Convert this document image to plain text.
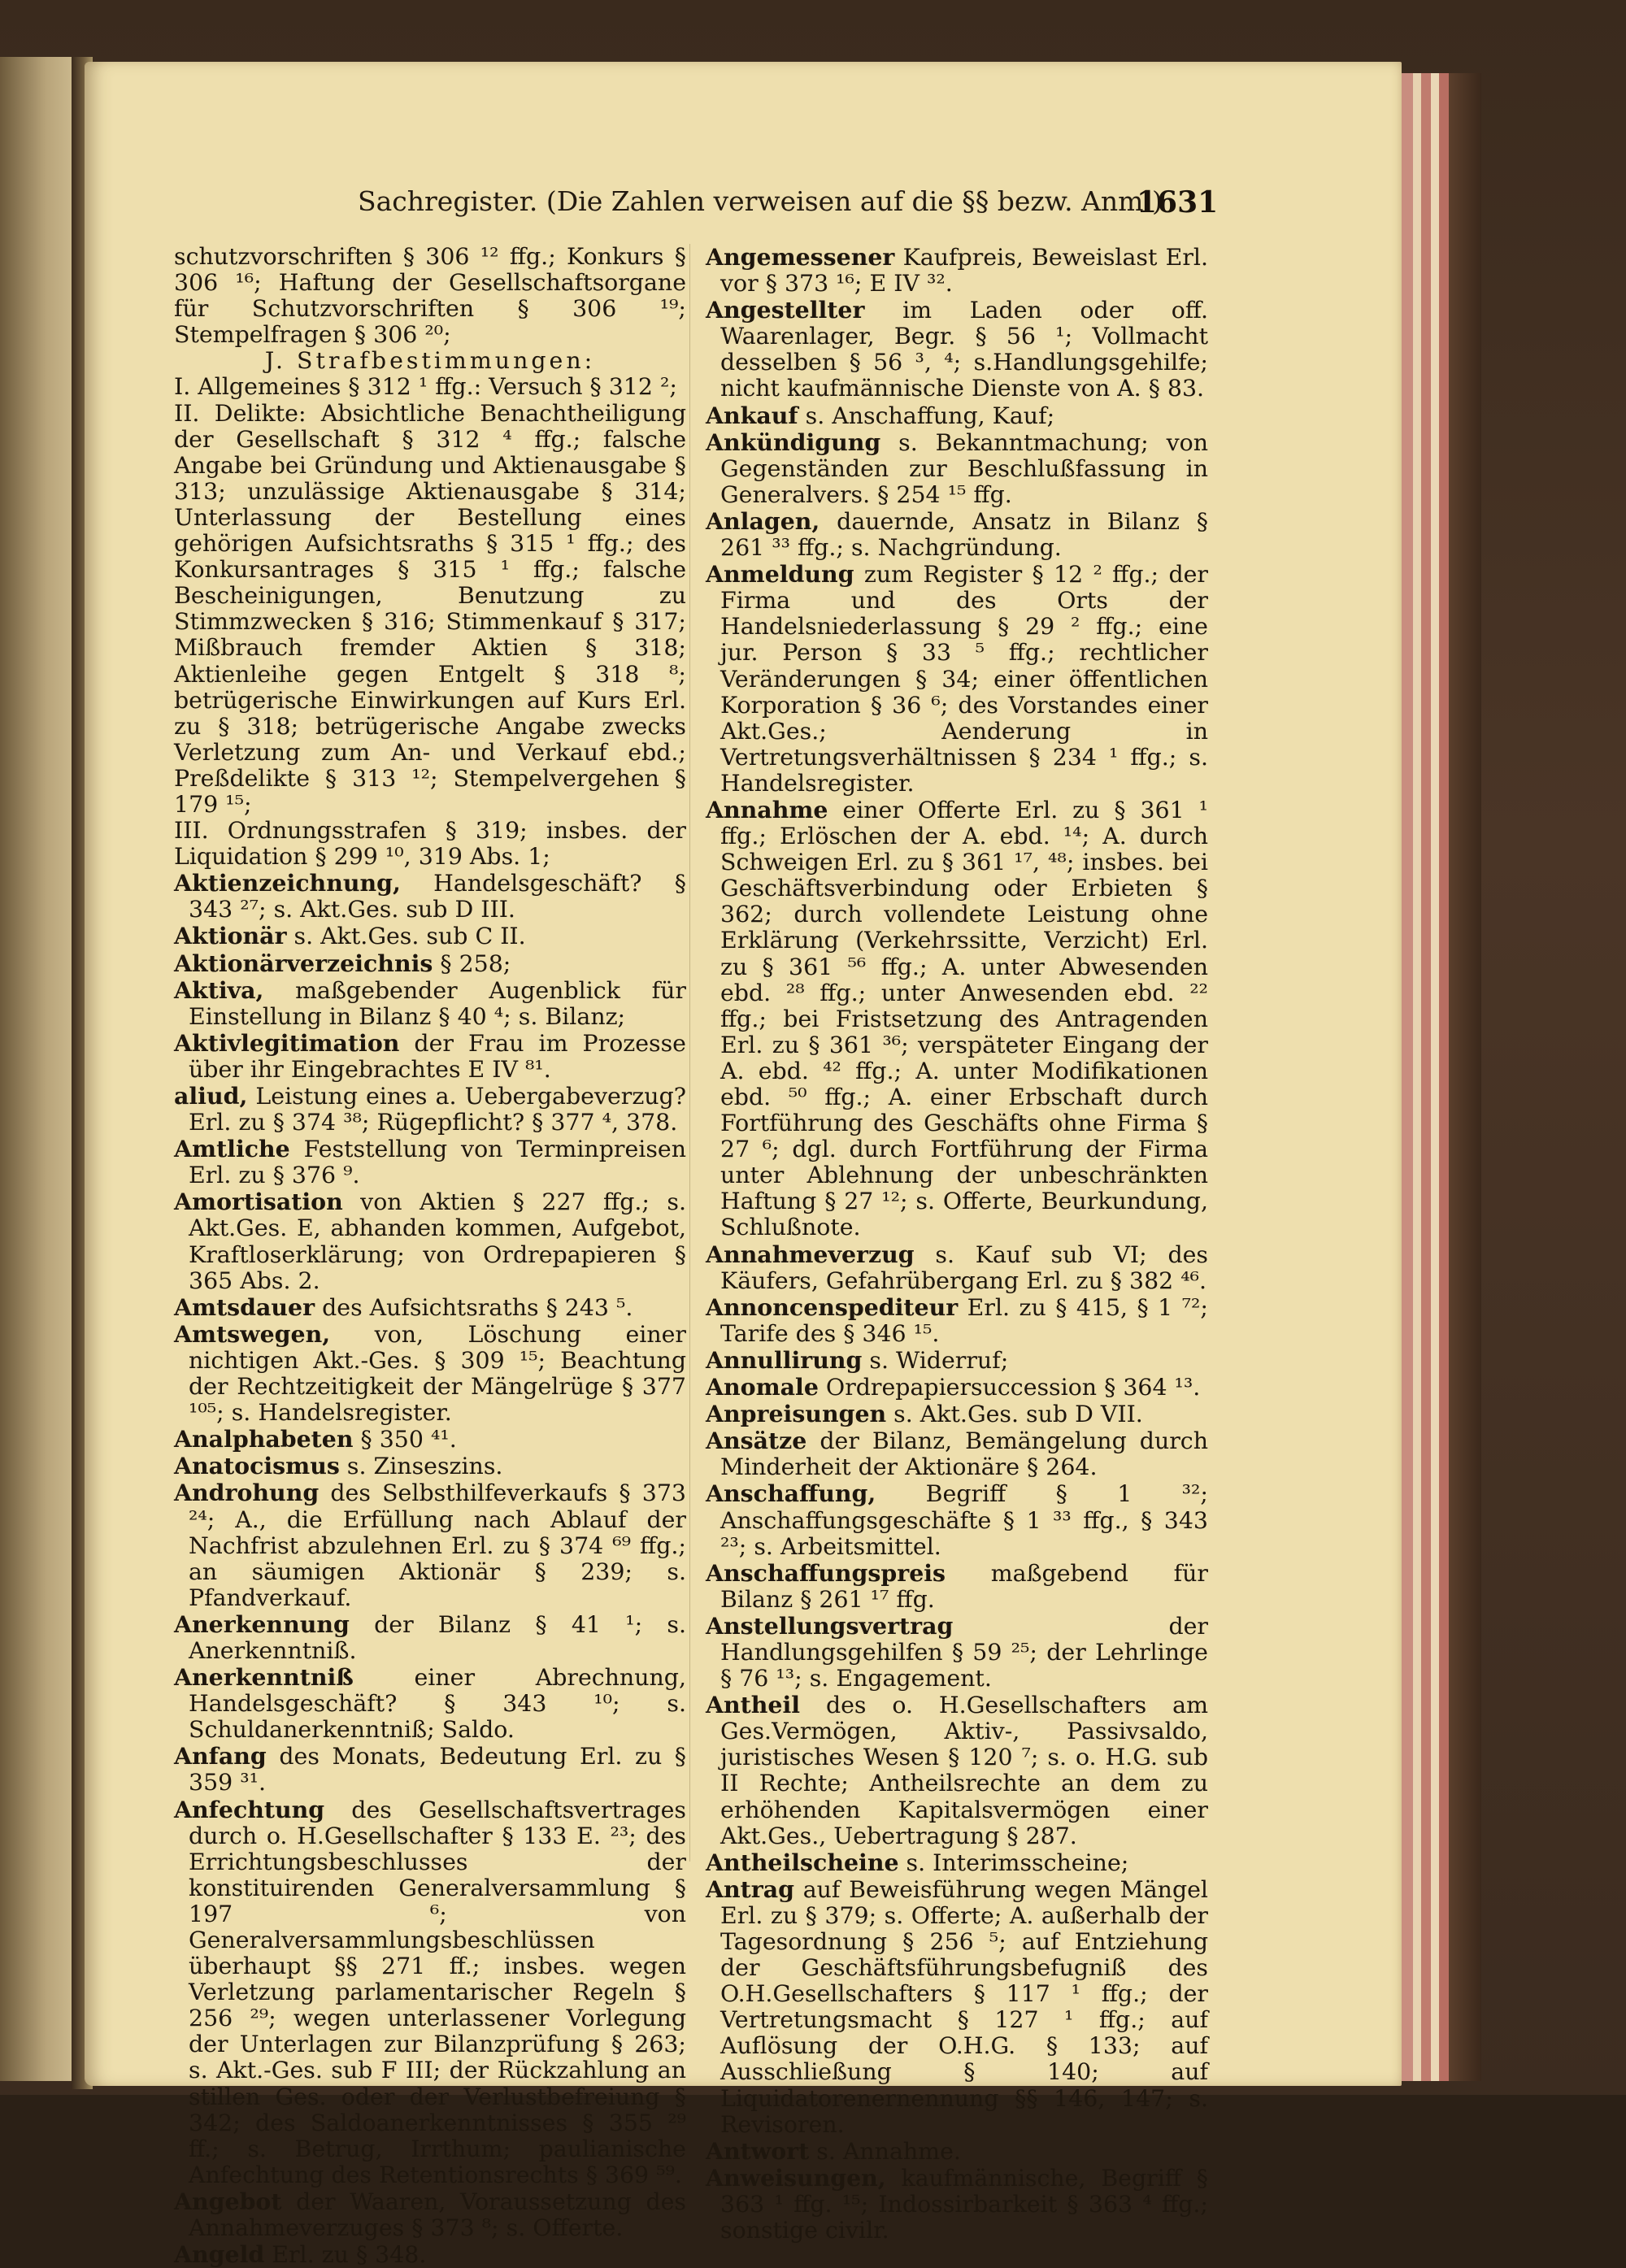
Sachregister. (Die Zahlen verweisen auf die §§ bezw. Anm.)
1631

schutzvorschriften § 306 ¹² ffg.; Konkurs § 306 ¹⁶; Haftung der Gesellschaftsorgane für Schutzvorschriften § 306 ¹⁹; Stempelfragen § 306 ²⁰;

J. Strafbestimmungen:

I. Allgemeines § 312 ¹ ffg.: Versuch § 312 ²;

II. Delikte: Absichtliche Benachtheiligung der Gesellschaft § 312 ⁴ ffg.; falsche Angabe bei Gründung und Aktienausgabe § 313; unzulässige Aktienausgabe § 314; Unterlassung der Bestellung eines gehörigen Aufsichtsraths § 315 ¹ ffg.; des Konkursantrages § 315 ¹ ffg.; falsche Bescheinigungen, Benutzung zu Stimmzwecken § 316; Stimmenkauf § 317; Mißbrauch fremder Aktien § 318; Aktienleihe gegen Entgelt § 318 ⁸; betrügerische Einwirkungen auf Kurs Erl. zu § 318; betrügerische Angabe zwecks Verletzung zum An- und Verkauf ebd.; Preßdelikte § 313 ¹²; Stempelvergehen § 179 ¹⁵;

III. Ordnungsstrafen § 319; insbes. der Liquidation § 299 ¹⁰, 319 Abs. 1;

Aktienzeichnung, Handelsgeschäft? § 343 ²⁷; s. Akt.Ges. sub D III.

Aktionär s. Akt.Ges. sub C II.

Aktionärverzeichnis § 258;

Aktiva, maßgebender Augenblick für Einstellung in Bilanz § 40 ⁴; s. Bilanz;

Aktivlegitimation der Frau im Prozesse über ihr Eingebrachtes E IV ⁸¹.

aliud, Leistung eines a. Uebergabeverzug? Erl. zu § 374 ³⁸; Rügepflicht? § 377 ⁴, 378.

Amtliche Feststellung von Terminpreisen Erl. zu § 376 ⁹.

Amortisation von Aktien § 227 ffg.; s. Akt.Ges. E, abhanden kommen, Aufgebot, Kraftloserklärung; von Ordrepapieren § 365 Abs. 2.

Amtsdauer des Aufsichtsraths § 243 ⁵.

Amtswegen, von, Löschung einer nichtigen Akt.-Ges. § 309 ¹⁵; Beachtung der Rechtzeitigkeit der Mängelrüge § 377 ¹⁰⁵; s. Handelsregister.

Analphabeten § 350 ⁴¹.

Anatocismus s. Zinseszins.

Androhung des Selbsthilfeverkaufs § 373 ²⁴; A., die Erfüllung nach Ablauf der Nachfrist abzulehnen Erl. zu § 374 ⁶⁹ ffg.; an säumigen Aktionär § 239; s. Pfandverkauf.

Anerkennung der Bilanz § 41 ¹; s. Anerkenntniß.

Anerkenntniß einer Abrechnung, Handelsgeschäft? § 343 ¹⁰; s. Schuldanerkenntniß; Saldo.

Anfang des Monats, Bedeutung Erl. zu § 359 ³¹.

Anfechtung des Gesellschaftsvertrages durch o. H.Gesellschafter § 133 E. ²³; des Errichtungsbeschlusses der konstituirenden Generalversammlung § 197 ⁶; von Generalversammlungsbeschlüssen überhaupt §§ 271 ff.; insbes. wegen Verletzung parlamentarischer Regeln § 256 ²⁹; wegen unterlassener Vorlegung der Unterlagen zur Bilanzprüfung § 263; s. Akt.-Ges. sub F III; der Rückzahlung an stillen Ges. oder der Verlustbefreiung § 342; des Saldoanerkenntnisses § 355 ²⁹ ff.; s. Betrug, Irrthum; paulianische Anfechtung des Retentionsrechts § 369 ⁵⁹.

Angebot der Waaren, Voraussetzung des Annahmeverzuges § 373 ⁸; s. Offerte.

Angeld Erl. zu § 348.

Angemessener Kaufpreis, Beweislast Erl. vor § 373 ¹⁶; E IV ³².

Angestellter im Laden oder off. Waarenlager, Begr. § 56 ¹; Vollmacht desselben § 56 ³, ⁴; s.Handlungsgehilfe; nicht kaufmännische Dienste von A. § 83.

Ankauf s. Anschaffung, Kauf;

Ankündigung s. Bekanntmachung; von Gegenständen zur Beschlußfassung in Generalvers. § 254 ¹⁵ ffg.

Anlagen, dauernde, Ansatz in Bilanz § 261 ³³ ffg.; s. Nachgründung.

Anmeldung zum Register § 12 ² ffg.; der Firma und des Orts der Handelsniederlassung § 29 ² ffg.; eine jur. Person § 33 ⁵ ffg.; rechtlicher Veränderungen § 34; einer öffentlichen Korporation § 36 ⁶; des Vorstandes einer Akt.Ges.; Aenderung in Vertretungsverhältnissen § 234 ¹ ffg.; s. Handelsregister.

Annahme einer Offerte Erl. zu § 361 ¹ ffg.; Erlöschen der A. ebd. ¹⁴; A. durch Schweigen Erl. zu § 361 ¹⁷, ⁴⁸; insbes. bei Geschäftsverbindung oder Erbieten § 362; durch vollendete Leistung ohne Erklärung (Verkehrssitte, Verzicht) Erl. zu § 361 ⁵⁶ ffg.; A. unter Abwesenden ebd. ²⁸ ffg.; unter Anwesenden ebd. ²² ffg.; bei Fristsetzung des Antragenden Erl. zu § 361 ³⁶; verspäteter Eingang der A. ebd. ⁴² ffg.; A. unter Modifikationen ebd. ⁵⁰ ffg.; A. einer Erbschaft durch Fortführung des Geschäfts ohne Firma § 27 ⁶; dgl. durch Fortführung der Firma unter Ablehnung der unbeschränkten Haftung § 27 ¹²; s. Offerte, Beurkundung, Schlußnote.

Annahmeverzug s. Kauf sub VI; des Käufers, Gefahrübergang Erl. zu § 382 ⁴⁶.

Annoncenspediteur Erl. zu § 415, § 1 ⁷²; Tarife des § 346 ¹⁵.

Annullirung s. Widerruf;

Anomale Ordrepapiersuccession § 364 ¹³.

Anpreisungen s. Akt.Ges. sub D VII.

Ansätze der Bilanz, Bemängelung durch Minderheit der Aktionäre § 264.

Anschaffung, Begriff § 1 ³²; Anschaffungsgeschäfte § 1 ³³ ffg., § 343 ²³; s. Arbeitsmittel.

Anschaffungspreis maßgebend für Bilanz § 261 ¹⁷ ffg.

Anstellungsvertrag der Handlungsgehilfen § 59 ²⁵; der Lehrlinge § 76 ¹³; s. Engagement.

Antheil des o. H.Gesellschafters am Ges.Vermögen, Aktiv-, Passivsaldo, juristisches Wesen § 120 ⁷; s. o. H.G. sub II Rechte; Antheilsrechte an dem zu erhöhenden Kapitalsvermögen einer Akt.Ges., Uebertragung § 287.

Antheilscheine s. Interimsscheine;

Antrag auf Beweisführung wegen Mängel Erl. zu § 379; s. Offerte; A. außerhalb der Tagesordnung § 256 ⁵; auf Entziehung der Geschäftsführungsbefugniß des O.H.Gesellschafters § 117 ¹ ffg.; der Vertretungsmacht § 127 ¹ ffg.; auf Auflösung der O.H.G. § 133; auf Ausschließung § 140; auf Liquidatorenernennung §§ 146, 147; s. Revisoren.

Antwort s. Annahme.

Anweisungen, kaufmännische, Begriff § 363 ¹ ffg. ¹⁵; Indossirbarkeit § 363 ⁴ ffg.; sonstige civilr.
